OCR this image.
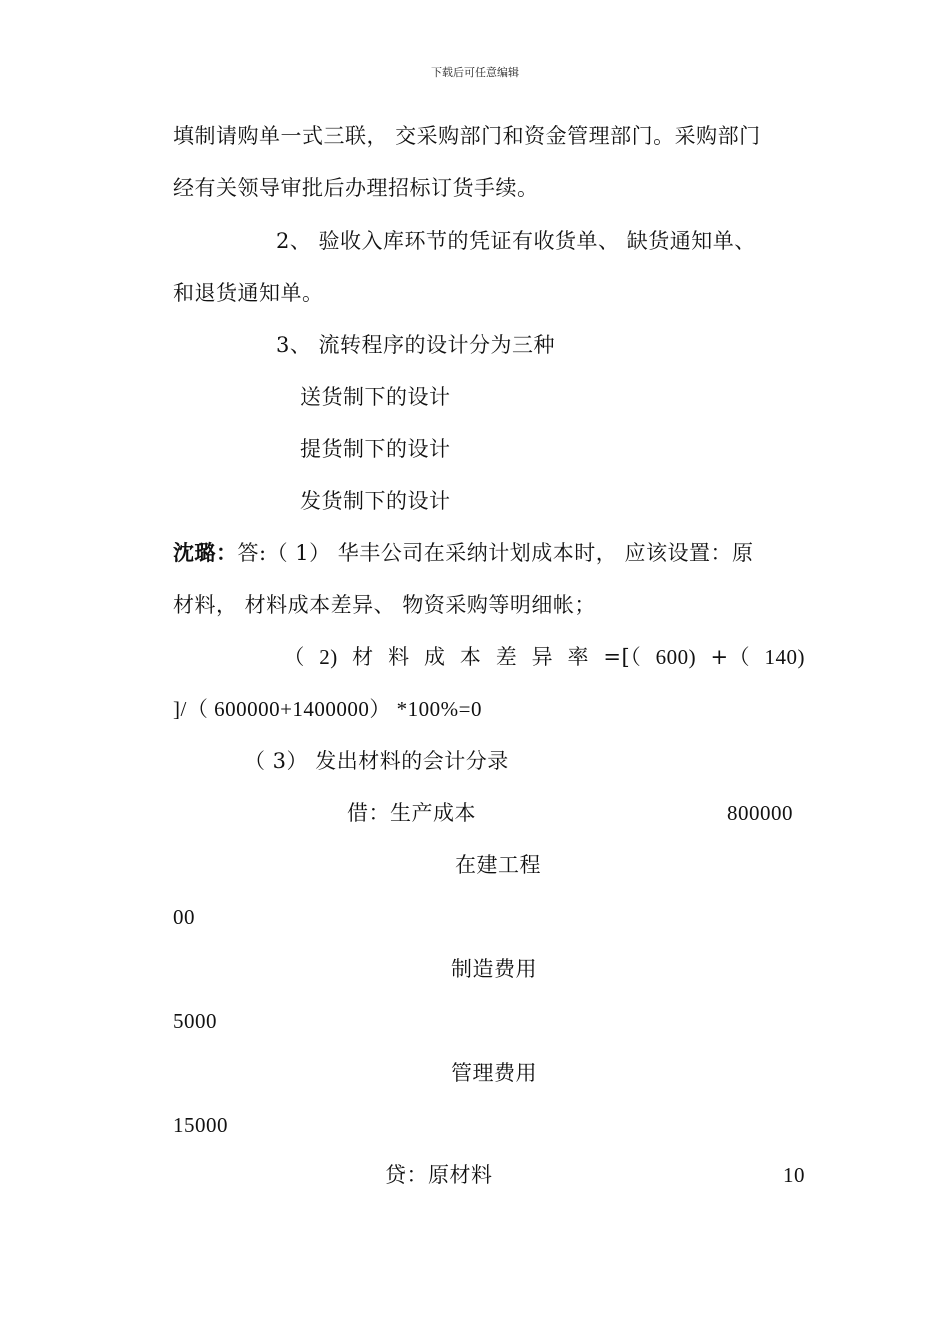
下载后可任意编辑
填制请购单一式三联， 交采购部门和资金管理部门。采购部门
经有关领导审批后办理招标订货手续。
2、 验收入库环节的凭证有收货单、 缺货通知单、
和退货通知单。
3、 流转程序的设计分为三种
送货制下的设计
提货制下的设计
发货制下的设计
沈璐：答:（ 1） 华丰公司在采纳计划成本时， 应该设置：原
材料， 材料成本差异、 物资采购等明细帐；
（ 2) 材 料 成 本 差 异 率 =[（ 600) +（ 140)
]/（ 600000+1400000） *100%=0
（ 3） 发出材料的会计分录
借：生产成本	800000
在建工程
00
制造费用
5000
管理费用
15000
贷：原材料	10
